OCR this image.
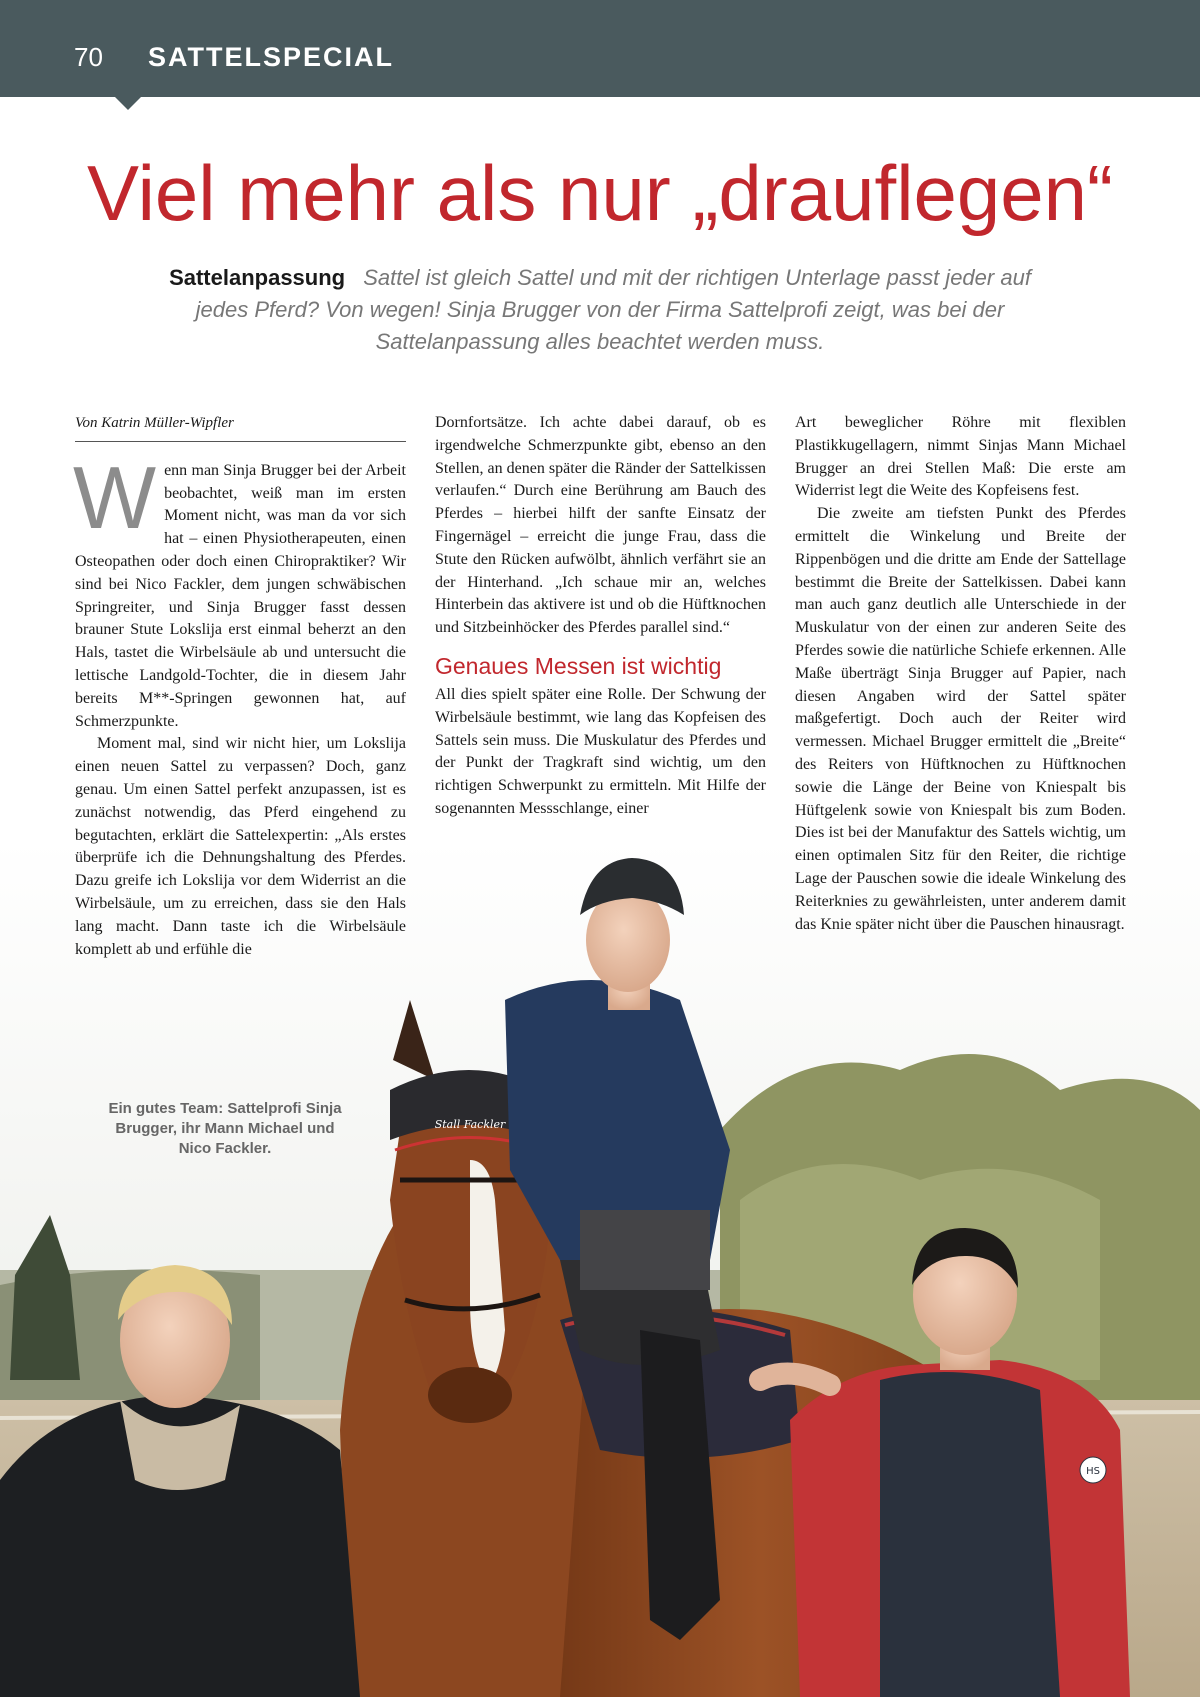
70 SATTELSPECIAL
Viel mehr als nur „drauflegen“
Sattelanpassung Sattel ist gleich Sattel und mit der richtigen Unterlage passt jeder auf jedes Pferd? Von wegen! Sinja Brugger von der Firma Sattelprofi zeigt, was bei der Sattelanpassung alles beachtet werden muss.

Von Katrin Müller-Wipfler

Wenn man Sinja Brugger bei der Arbeit beobachtet, weiß man im ersten Moment nicht, was man da vor sich hat – einen Physiotherapeuten, einen Osteopathen oder doch einen Chiropraktiker? Wir sind bei Nico Fackler, dem jungen schwäbischen Springreiter, und Sinja Brugger fasst dessen brauner Stute Lokslija erst einmal beherzt an den Hals, tastet die Wirbelsäule ab und untersucht die lettische Landgold-Tochter, die in diesem Jahr bereits M**-Springen gewonnen hat, auf Schmerzpunkte.

Moment mal, sind wir nicht hier, um Lokslija einen neuen Sattel zu verpassen? Doch, ganz genau. Um einen Sattel perfekt anzupassen, ist es zunächst notwendig, das Pferd eingehend zu begutachten, erklärt die Sattelexpertin: „Als erstes überprüfe ich die Dehnungshaltung des Pferdes. Dazu greife ich Lokslija vor dem Widerrist an die Wirbelsäule, um zu erreichen, dass sie den Hals lang macht. Dann taste ich die Wirbelsäule komplett ab und erfühle die

Dornfortsätze. Ich achte dabei darauf, ob es irgendwelche Schmerzpunkte gibt, ebenso an den Stellen, an denen später die Ränder der Sattelkissen verlaufen.“ Durch eine Berührung am Bauch des Pferdes – hierbei hilft der sanfte Einsatz der Fingernägel – erreicht die junge Frau, dass die Stute den Rücken aufwölbt, ähnlich verfährt sie an der Hinterhand. „Ich schaue mir an, welches Hinterbein das aktivere ist und ob die Hüftknochen und Sitzbeinhöcker des Pferdes parallel sind.“

Genaues Messen ist wichtig

All dies spielt später eine Rolle. Der Schwung der Wirbelsäule bestimmt, wie lang das Kopfeisen des Sattels sein muss. Die Muskulatur des Pferdes und der Punkt der Tragkraft sind wichtig, um den richtigen Schwerpunkt zu ermitteln. Mit Hilfe der sogenannten Messschlange, einer

Art beweglicher Röhre mit flexiblen Plastikkugellagern, nimmt Sinjas Mann Michael Brugger an drei Stellen Maß: Die erste am Widerrist legt die Weite des Kopfeisens fest.

Die zweite am tiefsten Punkt des Pferdes ermittelt die Winkelung und Breite der Rippenbögen und die dritte am Ende der Sattellage bestimmt die Breite der Sattelkissen. Dabei kann man auch ganz deutlich alle Unterschiede in der Muskulatur von der einen zur anderen Seite des Pferdes sowie die natürliche Schiefe erkennen. Alle Maße überträgt Sinja Brugger auf Papier, nach diesen Angaben wird der Sattel später maßgefertigt. Doch auch der Reiter wird vermessen. Michael Brugger ermittelt die „Breite“ des Reiters von Hüftknochen zu Hüftknochen sowie die Länge der Beine von Kniespalt bis Hüftgelenk sowie von Kniespalt bis zum Boden. Dies ist bei der Manufaktur des Sattels wichtig, um einen optimalen Sitz für den Reiter, die richtige Lage der Pauschen sowie die ideale Winkelung des Reiterknies zu gewährleisten, unter anderem damit das Knie später nicht über die Pauschen hinausragt.

Stall Fackler
HS
Ein gutes Team: Sattelprofi Sinja Brugger, ihr Mann Michael und Nico Fackler.
